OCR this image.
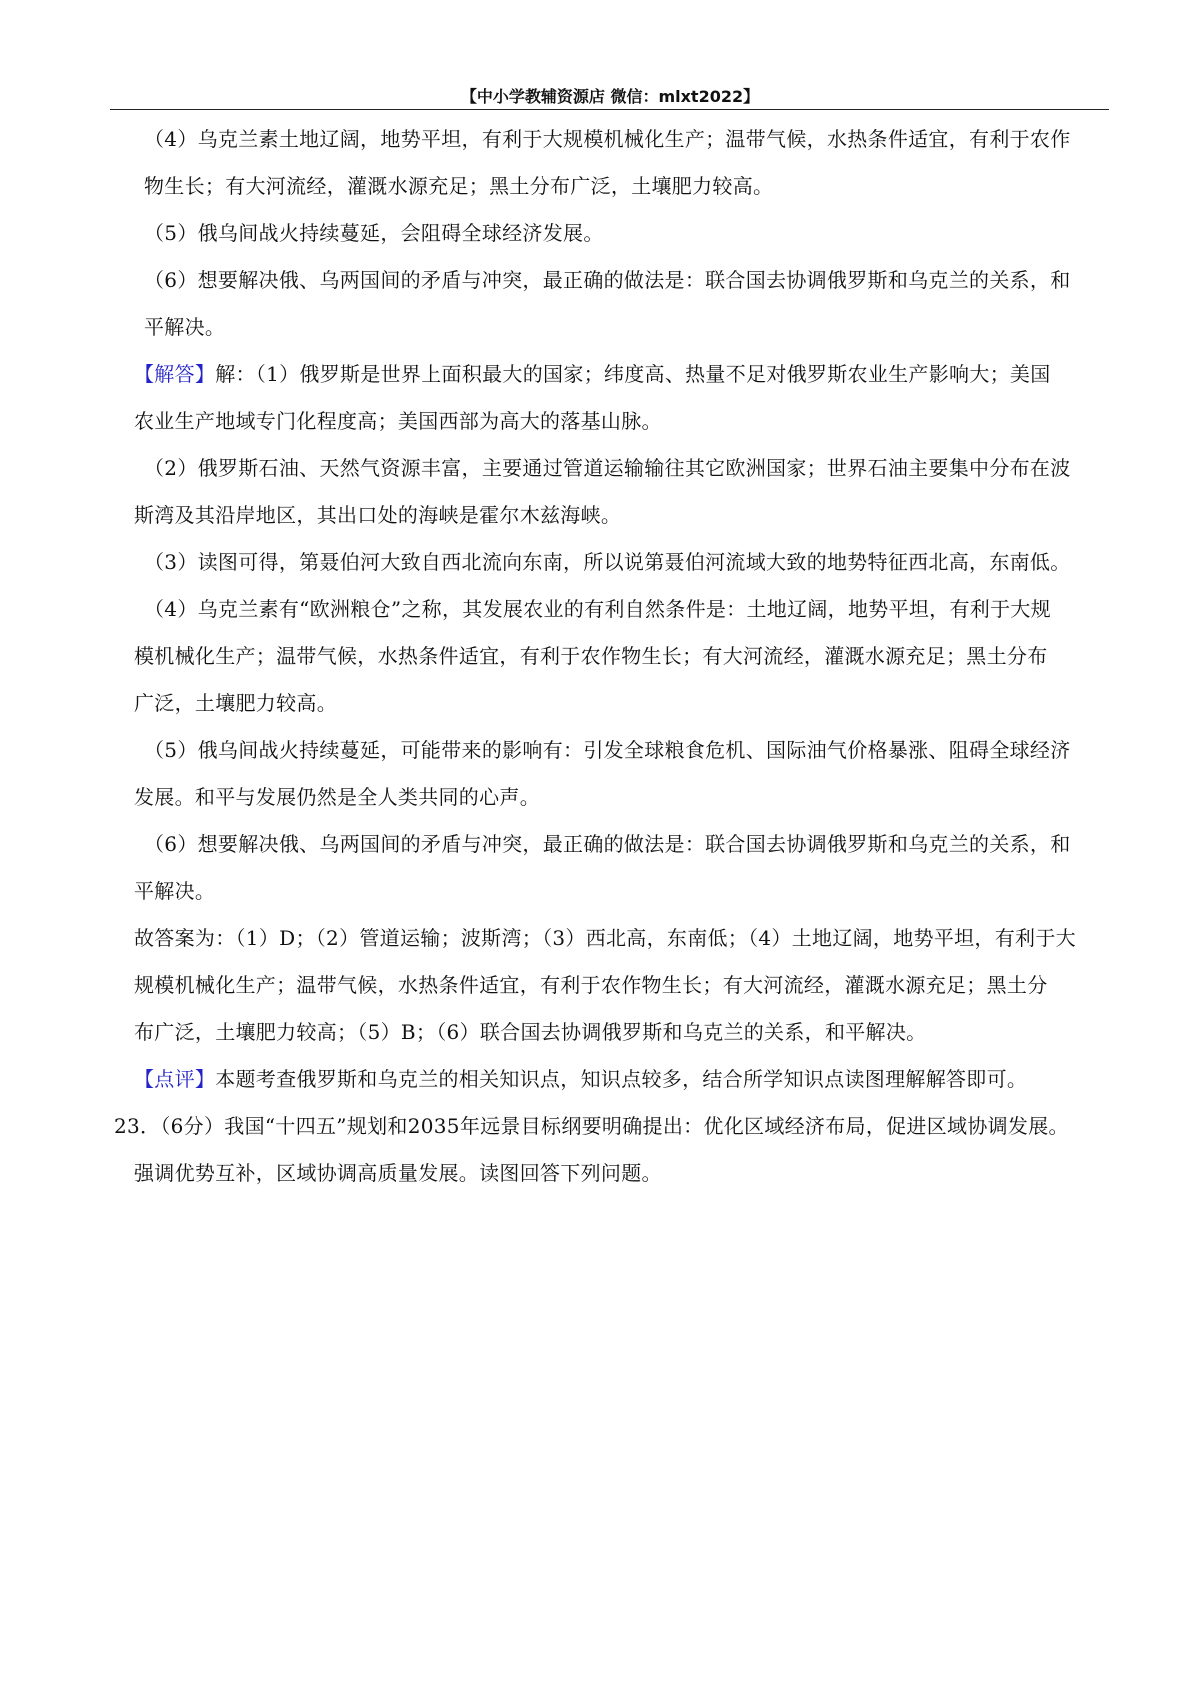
【中小学教辅资源店 微信：mlxt2022】

（4）乌克兰素土地辽阔，地势平坦，有利于大规模机械化生产；温带气候，水热条件适宜，有利于农作

物生长；有大河流经，灌溉水源充足；黑土分布广泛，土壤肥力较高。

（5）俄乌间战火持续蔓延，会阻碍全球经济发展。

（6）想要解决俄、乌两国间的矛盾与冲突，最正确的做法是：联合国去协调俄罗斯和乌克兰的关系，和

平解决。

【解答】解：（1）俄罗斯是世界上面积最大的国家；纬度高、热量不足对俄罗斯农业生产影响大；美国

农业生产地域专门化程度高；美国西部为高大的落基山脉。

（2）俄罗斯石油、天然气资源丰富，主要通过管道运输输往其它欧洲国家；世界石油主要集中分布在波

斯湾及其沿岸地区，其出口处的海峡是霍尔木兹海峡。

（3）读图可得，第聂伯河大致自西北流向东南，所以说第聂伯河流域大致的地势特征西北高，东南低。

（4）乌克兰素有“欧洲粮仓”之称，其发展农业的有利自然条件是：土地辽阔，地势平坦，有利于大规

模机械化生产；温带气候，水热条件适宜，有利于农作物生长；有大河流经，灌溉水源充足；黑土分布

广泛，土壤肥力较高。

（5）俄乌间战火持续蔓延，可能带来的影响有：引发全球粮食危机、国际油气价格暴涨、阻碍全球经济

发展。和平与发展仍然是全人类共同的心声。

（6）想要解决俄、乌两国间的矛盾与冲突，最正确的做法是：联合国去协调俄罗斯和乌克兰的关系，和

平解决。

故答案为：（1）D；（2）管道运输；波斯湾；（3）西北高，东南低；（4）土地辽阔，地势平坦，有利于大

规模机械化生产；温带气候，水热条件适宜，有利于农作物生长；有大河流经，灌溉水源充足；黑土分

布广泛，土壤肥力较高；（5）B；（6）联合国去协调俄罗斯和乌克兰的关系，和平解决。

【点评】本题考查俄罗斯和乌克兰的相关知识点，知识点较多，结合所学知识点读图理解解答即可。

23．（6分）我国“十四五”规划和2035年远景目标纲要明确提出：优化区域经济布局，促进区域协调发展。

强调优势互补，区域协调高质量发展。读图回答下列问题。
